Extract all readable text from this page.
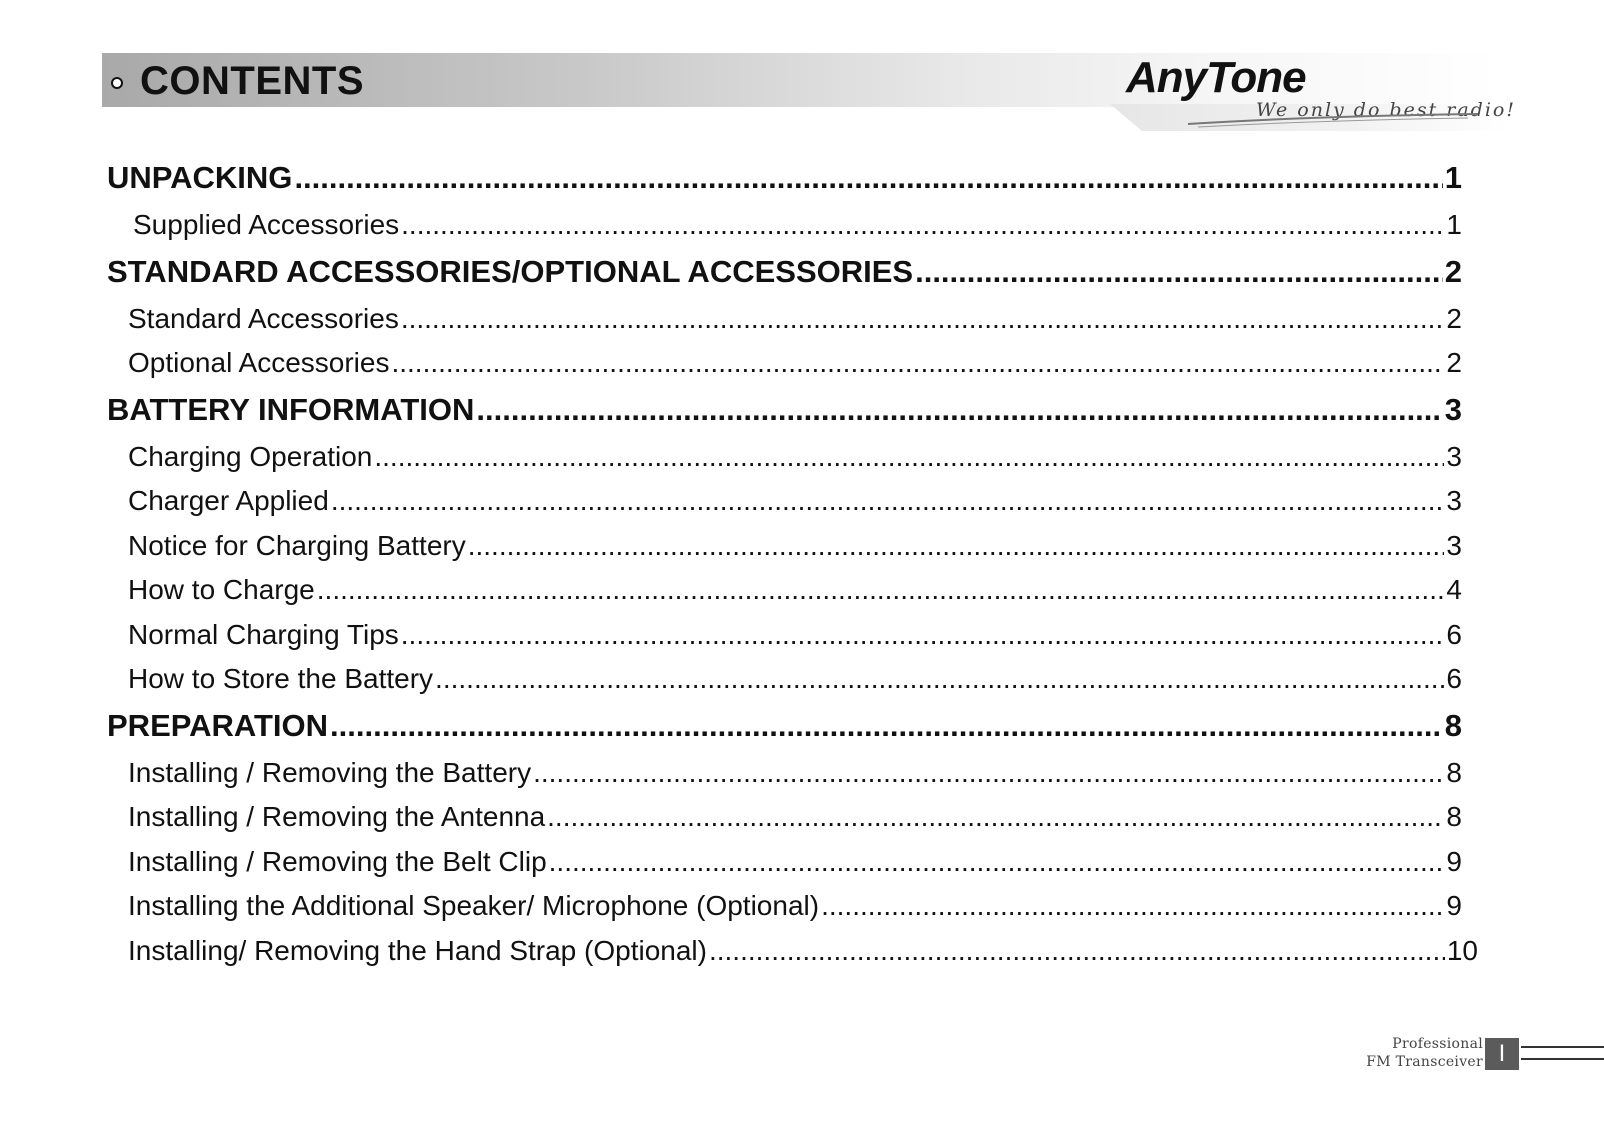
CONTENTS	AnyTone
We only do best radio!
UNPACKING .....	1
Supplied Accessories .....	1
STANDARD ACCESSORIES/OPTIONAL ACCESSORIES .....	2
Standard Accessories .....	2
Optional Accessories .....	2
BATTERY INFORMATION .....	3
Charging Operation .....	3
Charger Applied .....	3
Notice for Charging Battery .....	3
How to Charge .....	4
Normal Charging Tips .....	6
How to Store the Battery .....	6
PREPARATION .....	8
Installing / Removing the Battery .....	8
Installing / Removing the Antenna .....	8
Installing / Removing the Belt Clip .....	9
Installing the Additional Speaker/ Microphone (Optional) .....	9
Installing/ Removing the Hand Strap (Optional) .....	10
Professional
FM Transceiver I
